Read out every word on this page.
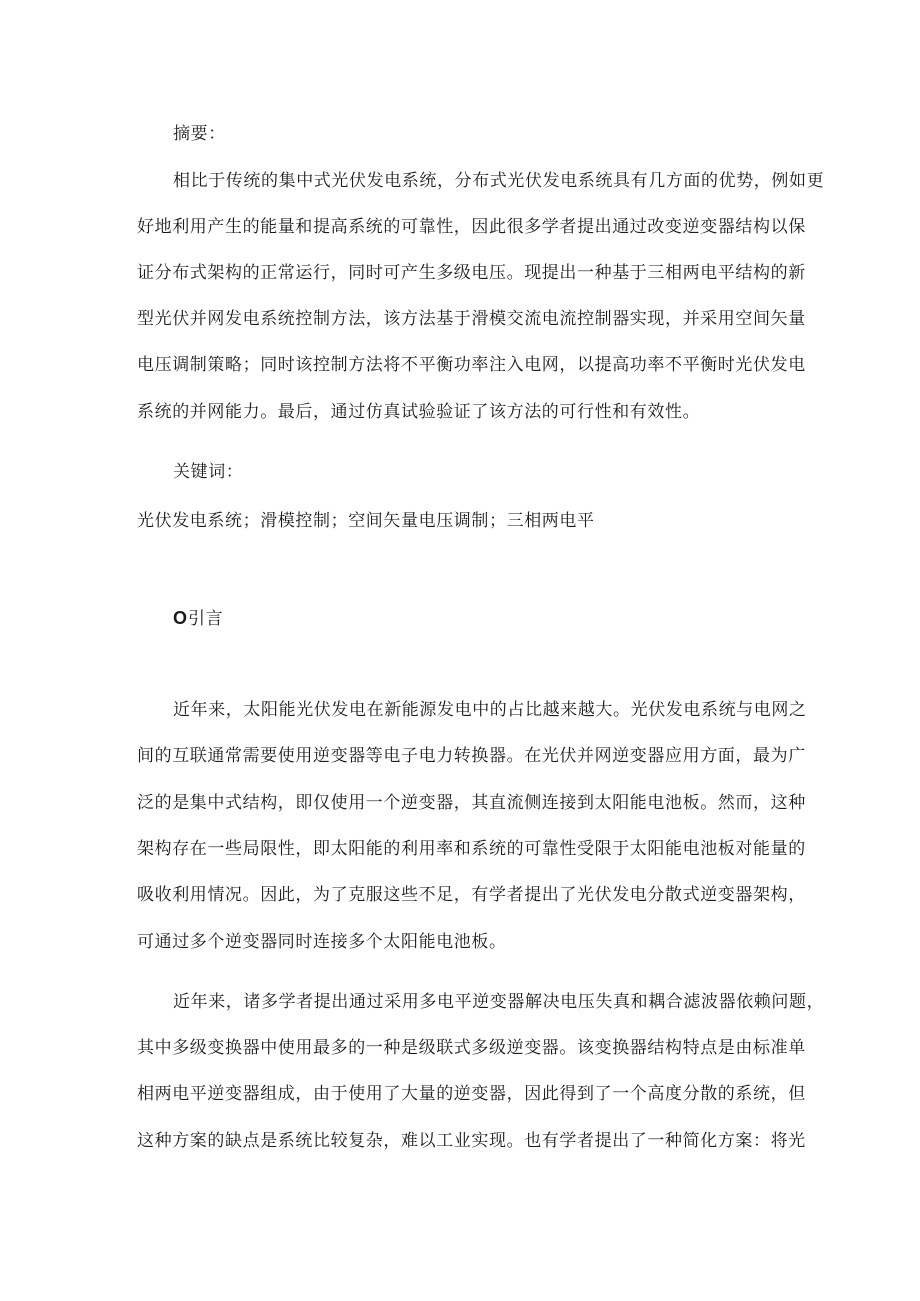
摘要：
相比于传统的集中式光伏发电系统，分布式光伏发电系统具有几方面的优势，例如更
好地利用产生的能量和提高系统的可靠性，因此很多学者提出通过改变逆变器结构以保
证分布式架构的正常运行，同时可产生多级电压。现提出一种基于三相两电平结构的新
型光伏并网发电系统控制方法，该方法基于滑模交流电流控制器实现，并采用空间矢量
电压调制策略；同时该控制方法将不平衡功率注入电网，以提高功率不平衡时光伏发电
系统的并网能力。最后，通过仿真试验验证了该方法的可行性和有效性。
关键词：
光伏发电系统；滑模控制；空间矢量电压调制；三相两电平
O引言
近年来，太阳能光伏发电在新能源发电中的占比越来越大。光伏发电系统与电网之
间的互联通常需要使用逆变器等电子电力转换器。在光伏并网逆变器应用方面，最为广
泛的是集中式结构，即仅使用一个逆变器，其直流侧连接到太阳能电池板。然而，这种
架构存在一些局限性，即太阳能的利用率和系统的可靠性受限于太阳能电池板对能量的
吸收利用情况。因此，为了克服这些不足，有学者提出了光伏发电分散式逆变器架构，
可通过多个逆变器同时连接多个太阳能电池板。
近年来，诸多学者提出通过采用多电平逆变器解决电压失真和耦合滤波器依赖问题，
其中多级变换器中使用最多的一种是级联式多级逆变器。该变换器结构特点是由标准单
相两电平逆变器组成，由于使用了大量的逆变器，因此得到了一个高度分散的系统，但
这种方案的缺点是系统比较复杂，难以工业实现。也有学者提出了一种简化方案：将光
